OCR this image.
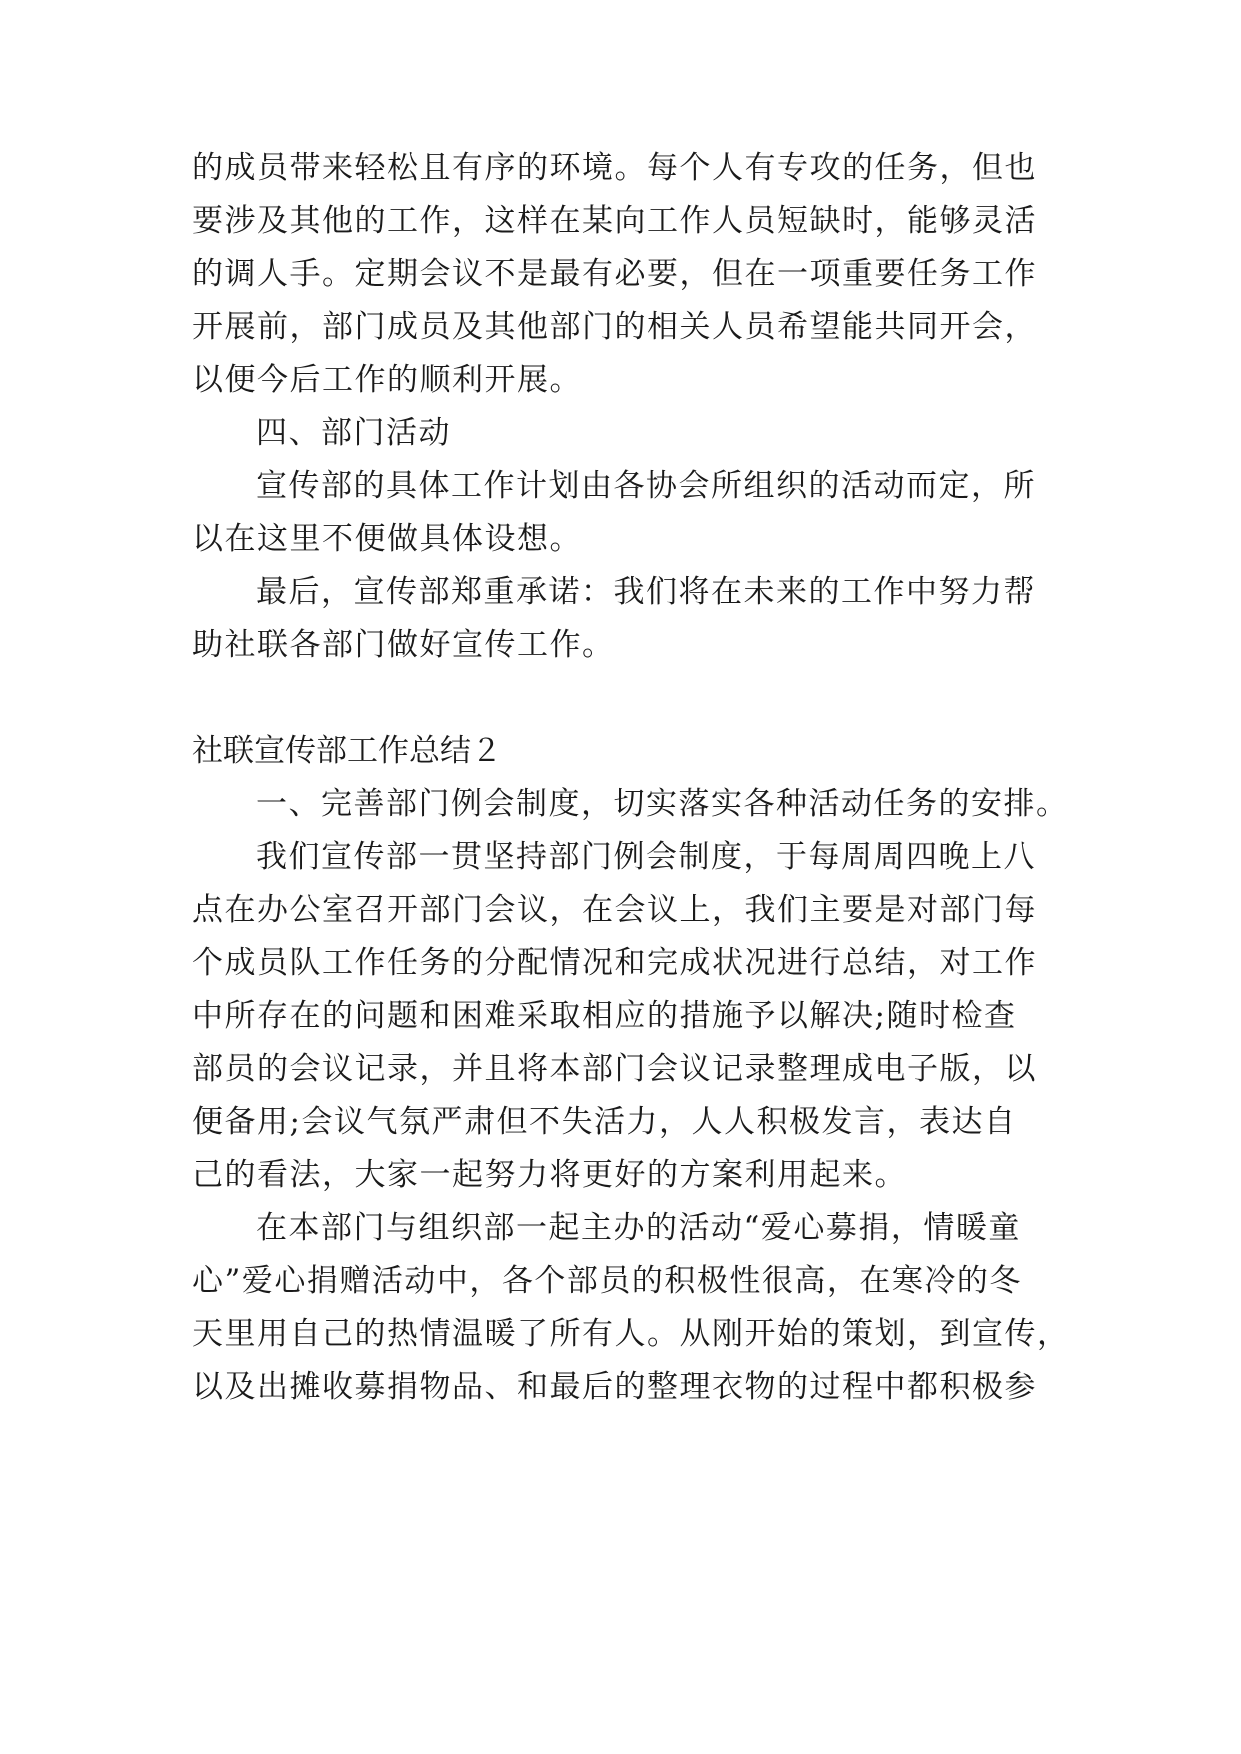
的成员带来轻松且有序的环境。每个人有专攻的任务，但也

要涉及其他的工作，这样在某向工作人员短缺时，能够灵活

的调人手。定期会议不是最有必要，但在一项重要任务工作

开展前，部门成员及其他部门的相关人员希望能共同开会，

以便今后工作的顺利开展。

四、部门活动

宣传部的具体工作计划由各协会所组织的活动而定，所

以在这里不便做具体设想。

最后，宣传部郑重承诺：我们将在未来的工作中努力帮

助社联各部门做好宣传工作。

社联宣传部工作总结２

一、完善部门例会制度，切实落实各种活动任务的安排。

我们宣传部一贯坚持部门例会制度，于每周周四晚上八

点在办公室召开部门会议，在会议上，我们主要是对部门每

个成员队工作任务的分配情况和完成状况进行总结，对工作

中所存在的问题和困难采取相应的措施予以解决;随时检查

部员的会议记录，并且将本部门会议记录整理成电子版，以

便备用;会议气氛严肃但不失活力，人人积极发言，表达自

己的看法，大家一起努力将更好的方案利用起来。

在本部门与组织部一起主办的活动“爱心募捐，情暖童

心”爱心捐赠活动中，各个部员的积极性很高，在寒冷的冬

天里用自己的热情温暖了所有人。从刚开始的策划，到宣传，

以及出摊收募捐物品、和最后的整理衣物的过程中都积极参
